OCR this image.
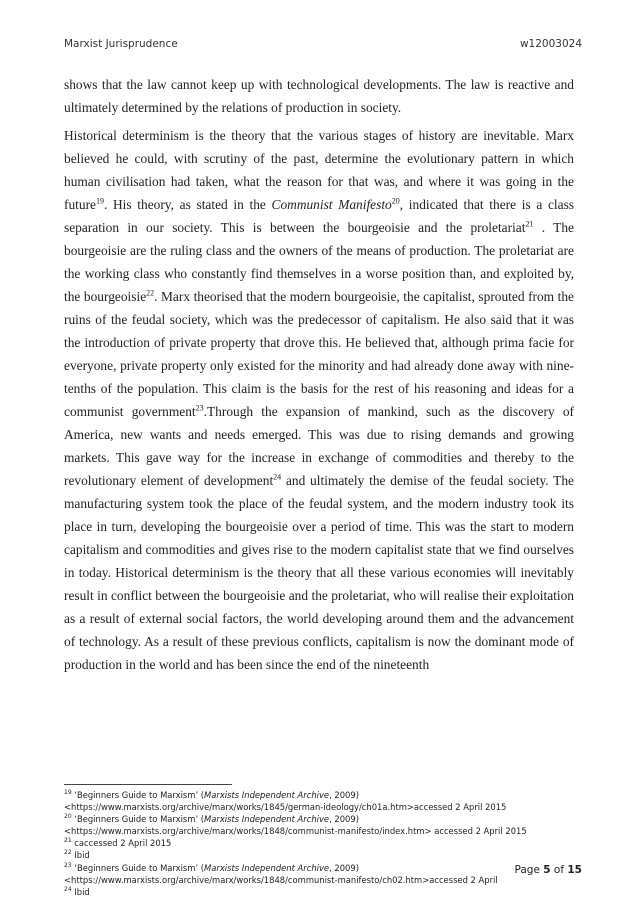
Marxist Jurisprudence	w12003024

shows that the law cannot keep up with technological developments. The law is reactive and ultimately determined by the relations of production in society.

Historical determinism is the theory that the various stages of history are inevitable. Marx believed he could, with scrutiny of the past, determine the evolutionary pattern in which human civilisation had taken, what the reason for that was, and where it was going in the future$^{19}$. His theory, as stated in the Communist Manifesto$^{20}$, indicated that there is a class separation in our society. This is between the bourgeoisie and the proletariat$^{21}$ . The bourgeoisie are the ruling class and the owners of the means of production. The proletariat are the working class who constantly find themselves in a worse position than, and exploited by, the bourgeoisie$^{22}$. Marx theorised that the modern bourgeoisie, the capitalist, sprouted from the ruins of the feudal society, which was the predecessor of capitalism. He also said that it was the introduction of private property that drove this. He believed that, although prima facie for everyone, private property only existed for the minority and had already done away with nine-tenths of the population. This claim is the basis for the rest of his reasoning and ideas for a communist government$^{23}$.Through the expansion of mankind, such as the discovery of America, new wants and needs emerged. This was due to rising demands and growing markets. This gave way for the increase in exchange of commodities and thereby to the revolutionary element of development$^{24}$ and ultimately the demise of the feudal society. The manufacturing system took the place of the feudal system, and the modern industry took its place in turn, developing the bourgeoisie over a period of time. This was the start to modern capitalism and commodities and gives rise to the modern capitalist state that we find ourselves in today. Historical determinism is the theory that all these various economies will inevitably result in conflict between the bourgeoisie and the proletariat, who will realise their exploitation as a result of external social factors, the world developing around them and the advancement of technology. As a result of these previous conflicts, capitalism is now the dominant mode of production in the world and has been since the end of the nineteenth

$^{19}$ ‘Beginners Guide to Marxism’ (Marxists Independent Archive, 2009)
<https://www.marxists.org/archive/marx/works/1845/german-ideology/ch01a.htm>accessed 2 April 2015
$^{20}$ ‘Beginners Guide to Marxism’ (Marxists Independent Archive, 2009)
<https://www.marxists.org/archive/marx/works/1848/communist-manifesto/index.htm> accessed 2 April 2015
$^{21}$ caccessed 2 April 2015
$^{22}$ Ibid
$^{23}$ ‘Beginners Guide to Marxism’ (Marxists Independent Archive, 2009)
<https://www.marxists.org/archive/marx/works/1848/communist-manifesto/ch02.htm>accessed 2 April
$^{24}$ Ibid
Page 5 of 15
